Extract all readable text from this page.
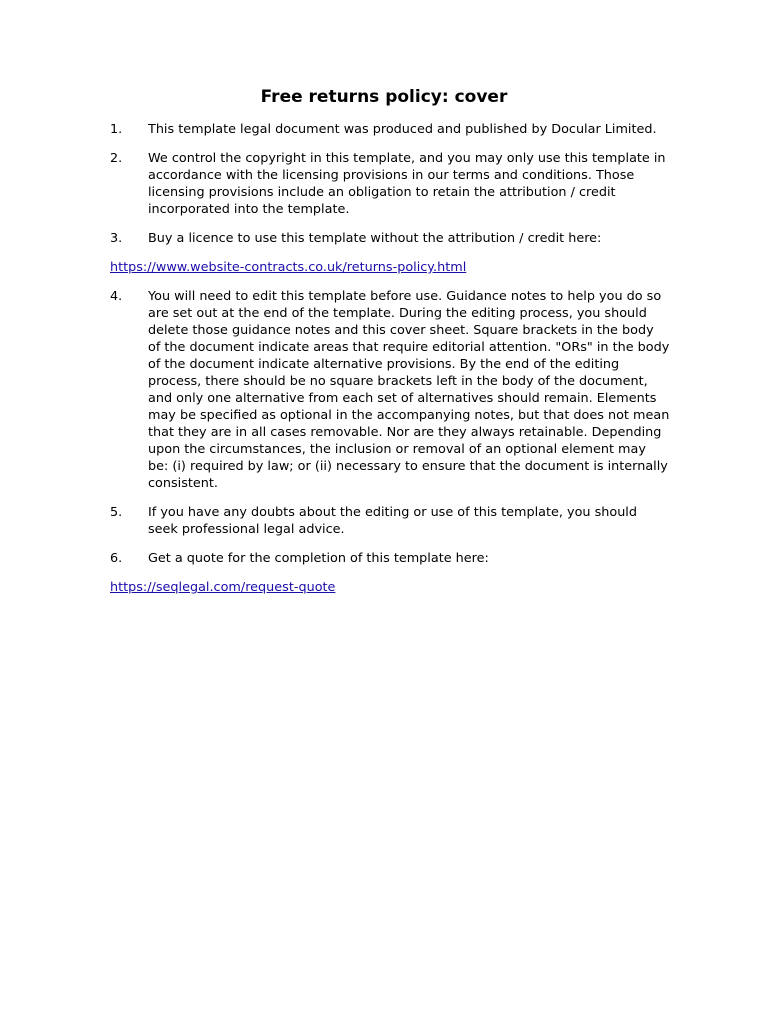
Free returns policy: cover
1.	This template legal document was produced and published by Docular Limited.
2.	We control the copyright in this template, and you may only use this template in accordance with the licensing provisions in our terms and conditions. Those licensing provisions include an obligation to retain the attribution / credit incorporated into the template.
3.	Buy a licence to use this template without the attribution / credit here:
https://www.website-contracts.co.uk/returns-policy.html
4.	You will need to edit this template before use. Guidance notes to help you do so are set out at the end of the template. During the editing process, you should delete those guidance notes and this cover sheet. Square brackets in the body of the document indicate areas that require editorial attention. "ORs" in the body of the document indicate alternative provisions. By the end of the editing process, there should be no square brackets left in the body of the document, and only one alternative from each set of alternatives should remain. Elements may be specified as optional in the accompanying notes, but that does not mean that they are in all cases removable. Nor are they always retainable. Depending upon the circumstances, the inclusion or removal of an optional element may be: (i) required by law; or (ii) necessary to ensure that the document is internally consistent.
5.	If you have any doubts about the editing or use of this template, you should seek professional legal advice.
6.	Get a quote for the completion of this template here:
https://seqlegal.com/request-quote
